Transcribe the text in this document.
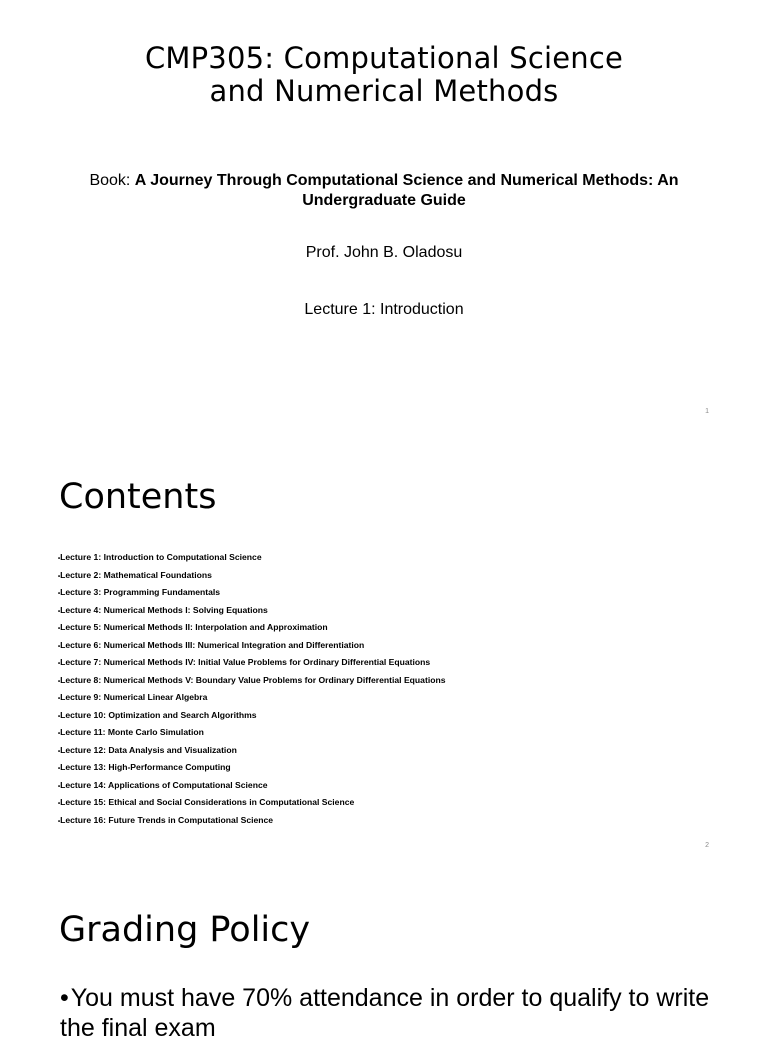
CMP305: Computational Science
and Numerical Methods
Book: A Journey Through Computational Science and Numerical Methods: An Undergraduate Guide
Prof. John B. Oladosu
Lecture 1: Introduction
1
Contents
•Lecture 1: Introduction to Computational Science
•Lecture 2: Mathematical Foundations
•Lecture 3: Programming Fundamentals
•Lecture 4: Numerical Methods I: Solving Equations
•Lecture 5: Numerical Methods II: Interpolation and Approximation
•Lecture 6: Numerical Methods III: Numerical Integration and Differentiation
•Lecture 7: Numerical Methods IV: Initial Value Problems for Ordinary Differential Equations
•Lecture 8: Numerical Methods V: Boundary Value Problems for Ordinary Differential Equations
•Lecture 9: Numerical Linear Algebra
•Lecture 10: Optimization and Search Algorithms
•Lecture 11: Monte Carlo Simulation
•Lecture 12: Data Analysis and Visualization
•Lecture 13: High-Performance Computing
•Lecture 14: Applications of Computational Science
•Lecture 15: Ethical and Social Considerations in Computational Science
•Lecture 16: Future Trends in Computational Science
2
Grading Policy
•You must have 70% attendance in order to qualify to write the final exam
